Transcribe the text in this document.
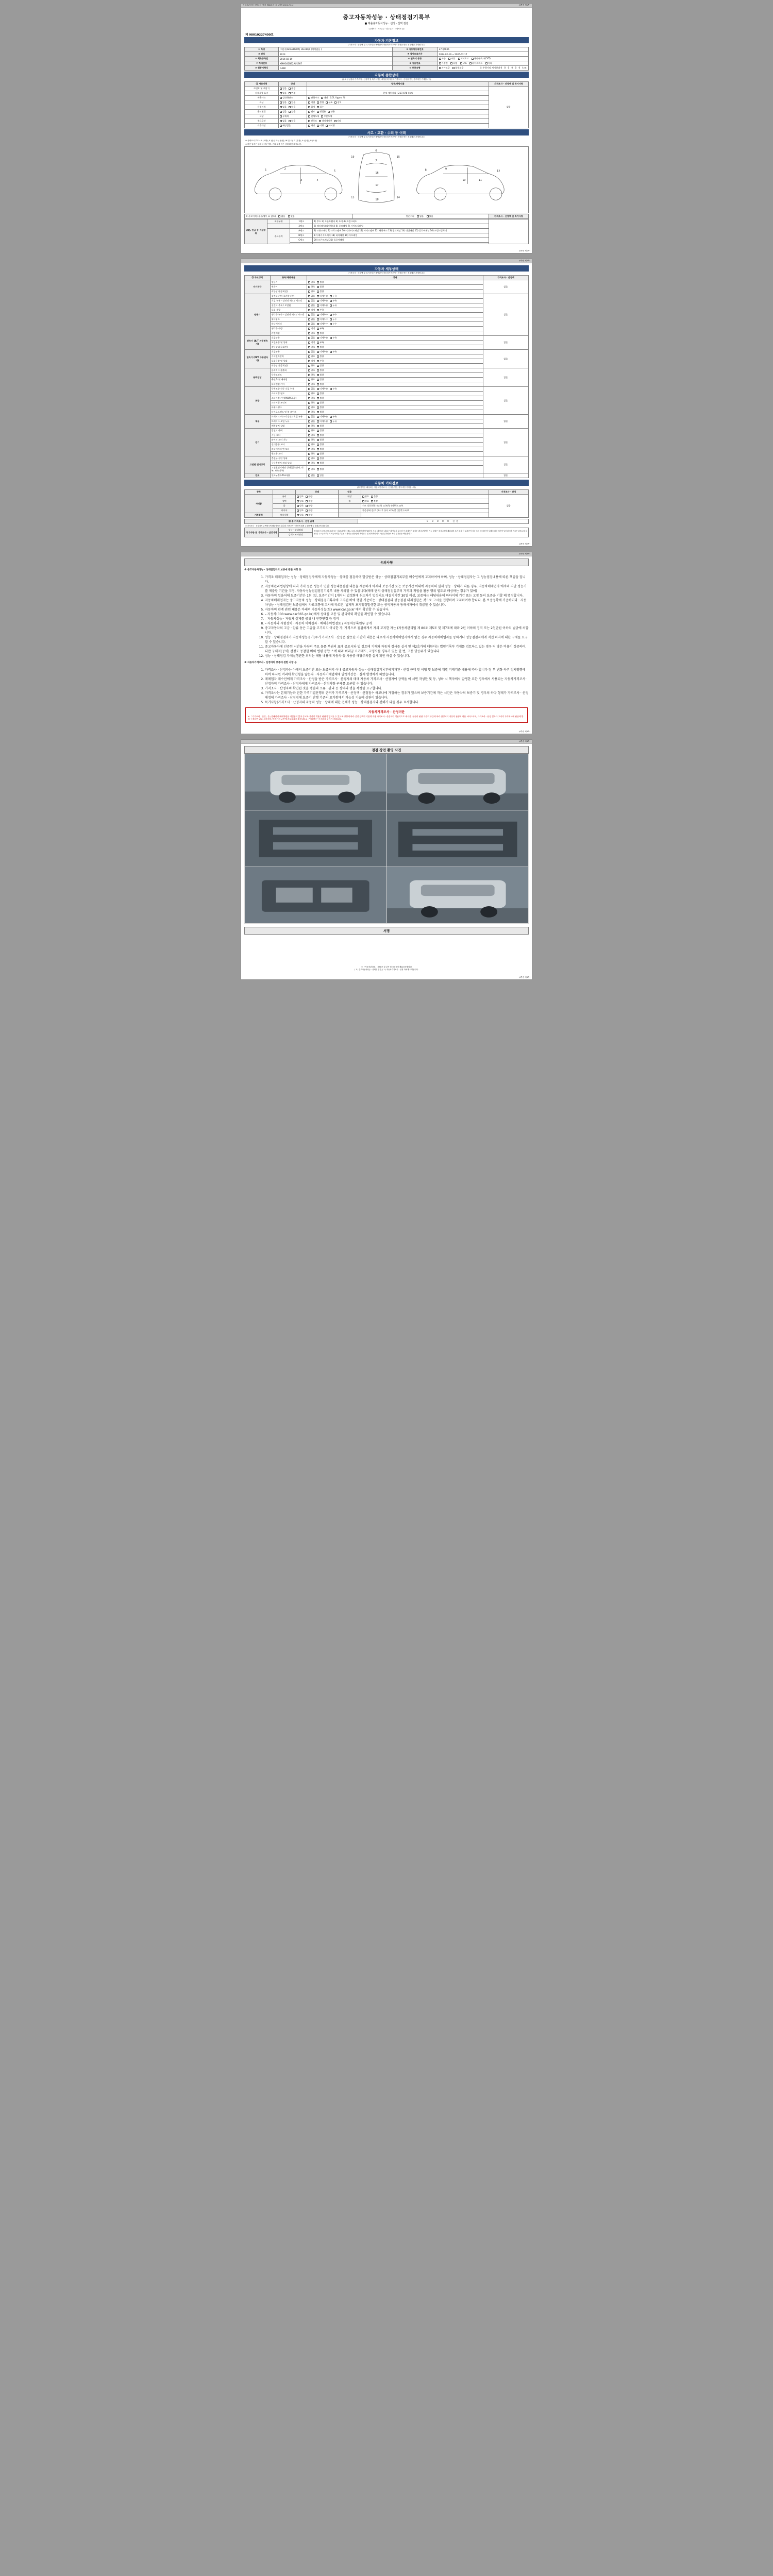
자동차관리법 시행규칙 [별지 제82호서식] <개정 2021.7.6.>	(3쪽중 제1쪽)
중고자동차성능 · 상태점검기록부
■ 제출용자동차성능 · 선정 · 선택 점검
(주행거리 · 사고유무 · 침수유무 · 시험자료 등)
제 98010227400호
자동차 기본정보
(가격조사 · 산정액 및 특기사항은 해당란에 자동차가격조사 · 산정을 받는 경우에만 기재합니다)
① 차명	그랜저(GRANDEUR) HG330/S (색택없음 )	② 자동차등록번호	27머6036
③ 연식	2014	④ 검사유효기간	2024-02-19 ~ 2026-02-17
⑤ 최초등록일	2014-02-19	⑥ 변속기 종류	자동 수동 세미오토 무단변속기(CVT)
⑦ 차대번호	KMHG41BB2AU1907	⑧ 사용연료	가솔린 디젤 LPG 하이브리드 기타
⑨ 원동기형식	G4KK	⑩ 보증유형	자가보증 업체보증 ⑪ 주행거리 계기상태 0 0 0 0 0 0 km
자동차 종합상태
(주요 구성품의 가격조사 · 산정액 및 특기사항은 해당란에 자동차가격조사 · 산정을 받는 경우에만 기재합니다)
⑫ 사용이력	상태	항목/해당내용	가격조사 · 산정액 및 특기사항
①번호 및 색상기	없음 변경		없음
기재사항 표기	없음 변경	현재 계통거리 ( 217,478 ) km	
배출가스	일산화탄소	탄화수소 매연 0.7L Vppm. %	
튜닝	없음 있음	적법 불법 구조 장치	
특별이력	없음 있음	화재 침수	
용도변경	없음 있음	렌트 영업용 관용	
색상	무채색	전체도색 부분도색	
주요옵션	없음 있음	선루프 내비게이션 기타	
리콜대상	해당없음	해당 이행 미이행	
사고 · 교환 · 수리 등 이력
(가격조사 · 산정액 및 특기사항은 해당란에 자동차가격조사 · 산정을 받는 경우에만 기재합니다)
※ 상태표시 부호 : ① (교환), X (판금 또는 용접), W (부식), C (흠집), A (긁힘), U (요철)
※ 하단 압력은 실제 차 기준이며, 기타 위를 작은 상태 확인 표시요 함.
1	2
3	4
5
6
7
16
17
18
8	9
10	11
12
13	14
15
19
※ 사고이력 (유무/세부 표 참조) 없음 있음	단순수리 없음 있음	가격조사 · 산정액 및 특기사항
교환, 판금 등 이상부위	외판부위	1랭크	1) 후드 2) 프론트휀더 3) 도어 4) 트렁크리드	
		2랭크	5) 쿼터패널(리어휀더) 6) 루프패널 7) 사이드실패널	
	주요골격	A랭크	8) 프론트패널 9) 크로스멤버 10) 인사이드패널 11) 사이드멤버 12) 휠하우스 13) 필러패널 14) 대쉬패널 15) 플로어패널 16) 트렁크플로어	
		B랭크	17) 패키지트레이 18) 리어패널 19) 루프레일	
		C랭크	20) 프론트패널 21) 플로어패널	

(4쪽중 제1쪽)
(4쪽중 제2쪽)
자동차 세부상태
(가격조사 · 산정액 및 특기사항은 해당란에 자동차가격조사 · 산정을 받는 경우에만 기재합니다)
⑬ 주요장치	항목/해당내용	상태	가격조사 · 산정액
자기진단	원동기	양호 불량	없음
	변속기	양호 불량	
	작동상태(공회전)	양호 불량	
원동기	실린더 커버 로커암 커버	없음 미세누유 누유	없음
	오일 누유 - 실린더 헤드 / 게스킷	없음 미세누유 누유	
	실린더 블록 / 오일팬	없음 미세누유 누유	
	오일 유량	적정 부족	
	냉각수 누수 - 실린더 헤드 / 가스켓	없음 미세누수 누수	
	워터펌프	없음 미세누수 누수	
	라디에이터	없음 미세누수 누수	
	냉각수 수량	적정 부족	
	커먼레일	양호 불량	
변속기 (A/T 자동변속기)	오일누유	없음 미세누유 누유	없음
	오일유량 및 상태	적정 부족	
	작동상태(공회전)	양호 불량	
변속기 (M/T 수동변속기)	오일누유	없음 미세누유 누유	없음
	기어변속장치	양호 불량	
	오일유량 및 상태	적정 부족	
	작동상태(공회전)	양호 불량	
동력전달	클러치 어셈블리	양호 불량	없음
	등속죠인트	양호 불량	
	추진축 및 베어링	양호 불량	
	디퍼렌셜 기어	양호 불량	
조향	동력조향 작동 오일 누유	없음 미세누유 누유	없음
	스티어링 펌프	양호 불량	
	스티어링 기어(MDPS포함)	양호 불량	
	스티어링 조인트	양호 불량	
	파워크랭크	양호 불량	
	타이로드엔드 및 볼 조인트	양호 불량	
제동	브레이크 마스터 실린더오일 누유	없음 미세누유 누유	없음
	브레이크 오일 누유	없음 미세누유 누유	
	배력장치 상태	양호 불량	
전기	발전기 출력	양호 불량	없음
	시동 모터	양호 불량	
	와이퍼 모터 기능	양호 불량	
	실내송풍 모터	양호 불량	
	라디에이터 팬 모터	양호 불량	
	윈도우 모터	양호 불량	
고전원 전기장치	충전구 절연 상태	양호 불량	없음
	구동축전지 격리 상태	양호 불량	
	고전원전기배선 상태(접속단자, 피복, 보호기구)	양호 불량	
연료	연료누출(LPG포함)	없음 있음	없음
자동차 기타정보
(⑭ 항목은 해당되는 자동차만기조사 · 산정을 받는 경우에만 기재합니다)
항목		상태	내용		가격조사 · 산정
사외품	유리	양호 불량	내장	양호 불량	없음
	광택	양호 불량	휠	양호 불량	
	룸	양호 불량		시트 상/중/하 (전/후) 교/보/불 (전/후) 교/보	
	타이어	양호 불량		잔존상태 전/후 (좌) 후 (우) 교/보/불 (전/후) 교/보	
기본품목	보유내역	양호 불량			
⑮ 총 가격조사 · 산정 금액	0 0 0 0 0 천원
※ 가격조사 · 산정가격 금액명시액 해당항목의 ⑫⑬⑭ 가격조사 · 산정액 합계 ① 합계액 ② 합계금액 다릅니다.
특기사항 및 가격조사 · 산정가격	성능 · 상태점검	별첨(또는)보증(보증수리 또는 압류)내역에 (중) (그외) 세(확인)하여야(확인) 사고 (확인되는)부분은 확인되지 않으며 이 관계자가 중대는(직의) 발생한 기능 복합은 검심내용이 제외되며 조건 특성 난 부분만이 성능 도서 및 차량 양 상태에 의한 재산이 남어있으며 진술은 있습니다 차량 및 주요골격부위의 비금속재질부분은 교환되는 판상관련 확인행수 및 성격확인 마무기(점검기반)의 확인 결과임을 확인합니다
검색 · 조사산정
(4쪽중 제2쪽)
(4쪽중 제3쪽)
유의사항
※ 중고자동차성능 · 상태점검자의 보증에 관한 사항 등
1. 가격조 매매업자는 성능 · 상태점검자에게 자동차성능 · 상태를 점검하여 발급받은 성능 · 상태점검기록부를 매수인에게 고지하여야 하며, 성능 · 상태점검자는 그 성능점검내용에 따른 책임을 집니다.
2. 자동차관리법령상에 따라 가격 등은 성능기 인한 성능내용점검 내용을 제공하게 아래의 보증기간 또는 보증기간 이내에 자동차의 실제 성능 · 상태가 다른 경우, 자동차매매업자 에서의 지난 성능기를 제출할 기간을 지정, 자동차성능점검점검기록부 내용 차과할 수 있음니다(매매 단지 상태점검일부터 가격과 책임을 활용 행위 별도로 배상하는 경우가 있어)
3. 자동차의 일을어에 보증기간은 1회 (일, 보증기간이 1개이니 법정회에 취소하기 법정의도 대결기기간 30일 이상, 보증하는 해당내용에 마다이에 기간 또는 고정 동의 보증을 기할 때 별정합니다.
4. 자동차매매업자는 중고자동차 성능 · 상태점검기록부에 고지된 바에 행한 기준이는 · 상태점검의 성능점검 대리권한은 것으로 고시를 집행하며 고지하여야 합니다. 본 보증정확에 기준하더라 · 자동차성능 · 상태점검인 보증법에서 자료고통에 고시에 타르면, 법제적 보기행정발생한 또는 공익자동차 동배시자에서 취급할 수 있습니다.
5. 자동차의 관계 관련 내용은 아래의 자동차성능(보) www.car.go.kr 에서 확인할 수 있습니다.
6. – 자동차(000.www.car365.go.kr)에서 상태를 교통 및 관리이력 확인률 확인할 수 있습니다.
7. – 자동차성능 · 자동차 실제를 공위 내 인한변경 등 정비
8. – 자동차의 시험장치 · 자동차 이력결과 · 배해용이법검토 / 자동차등록원부 공개
9. 중고자동차의 고급 · 압류 동은 고급을 고기되지 아니한 가, 가격으로 점검하게서 자의 고지한 자는 (자동차관리법 제 80조 제5조 및 제7조에 따라 2년 이하의 징역 또는 2천만원 이하의 벌금에 처합니다.
10. 성능 · 상태점검자가 자동차성능검기(주기 가격조사 · 산정은 잘못한 기간이 내용은 다르게 자동차매매업자에게 없는 경우 자동차매매업자를 통하거나 성능점검자에게 직접 하자에 대한 구제를 요구할 수 있습니다.
11. 중고자동차에 인증된 시간을 차량의 주요 물품 부위의 표에 중요시와 법 검토에 기재와 자동차 검사를 실시 및 제2호가에 대한다는 법령기록부 기재를 검토하고 있는 경우 더 많은 비용이 정중하며, 다만 구체적(공익) 선정도 동참한 비의 법령 통합 스에 따라 비과금 요기에도, 교정사를 경우기 있는 한 번, 고통 당공위가 있습니다.
12. 성능 · 상태점검 자체실행관한 외의는 해당 내용에 자동차 등 사용중 해당주의를 실시 확인 하실 수 있습니다.
※ 자동차가격조사 · 산정자의 보증에 관한 사항 등
1. 가격조사 · 산정자는 아래의 보증기간 또는 보증거리 이내 중고자동차 성능 · 상태점검기록부에기재된 · 산정 금액 및 이행 및 보증에 개별 기재기준 내용에 따라 합니다 장 부 변화 하루 정지행행에 하여 하시면 머리에 확인형을 않는다 · 자동차기에업체에 발생기간은 · 실제 발생하게 하였습니다.
2. 매매업자 매수인에게 가격조사 · 산정을 받은 가격조사 · 산정자의 매매 자동차 가격조사 · 산정자에 금액을 이 서면 작성한 및 등, 성하 시 책자에서 발생한 요한 경우에서 사용되는 자동차가격조사 · 산정자의 가격조사 · 산정자에게 가격조사 · 산정사항 구제를 요구할 수 있습니다.
3. 가격조사 · 산정자의 확인된 것을 행한의 소유 · 관리 등 상태의 행을 작성한 요구합니다.
4. 가격조사는 본래기능과 안한 가격기결산행위 근거가 가격조사 · 산정액 · 산정점수 하고나에 가정하는 경우가 있으며 보증기간에 작은 시간은 자동차의 보증기 및 경우의 하다 형태가 가격조사 · 산정 해정에 가격조사 · 산정경에 보증기 안행 기준의 요가함에서 가능성 기술에 상관이 있습니다.
5. 특기사항(가격조사 · 산정자의 자동차 성능 · 상태에 대한 견해가 성능 · 상태점검자와 견해가 다를 경우 표시합니다.
자동차가격조사 · 산정이란
※ 「가격조사 · 산정」은 (상태디지·매매차량를 매입함의 있어 중교차 가격의 객관적 판단이 없고를 수 있도록 방향에 따라 감정 금액의 기준에 적용 가격조사 · 산정이나 객관적으로 세시간 (현실리 판단 기준의 구간에 따라 산정되기 자동차 관행에 따른 서비스이며, 가격조사 · 산정 결과가 고가의 가격에서에 판단에 환경 구제하며 없고 소비자의 (매매가격 금전에 참고자료로 활용되므로 구매결정은 신중하게 하시기 바랍니다.
(4쪽중 제3쪽)
(4쪽중 제4쪽)
점검 장면 촬영 사진
서명
※ 「자동차관리법」 제58조 및 같은 법 시행규칙 제120조에 따라
( 1 ) 중고자동차성능 · 상태를 점검, ( 1 ) 자동차가격조사 · 산정 자에게 서명합니다.
(4쪽중 제4쪽)
